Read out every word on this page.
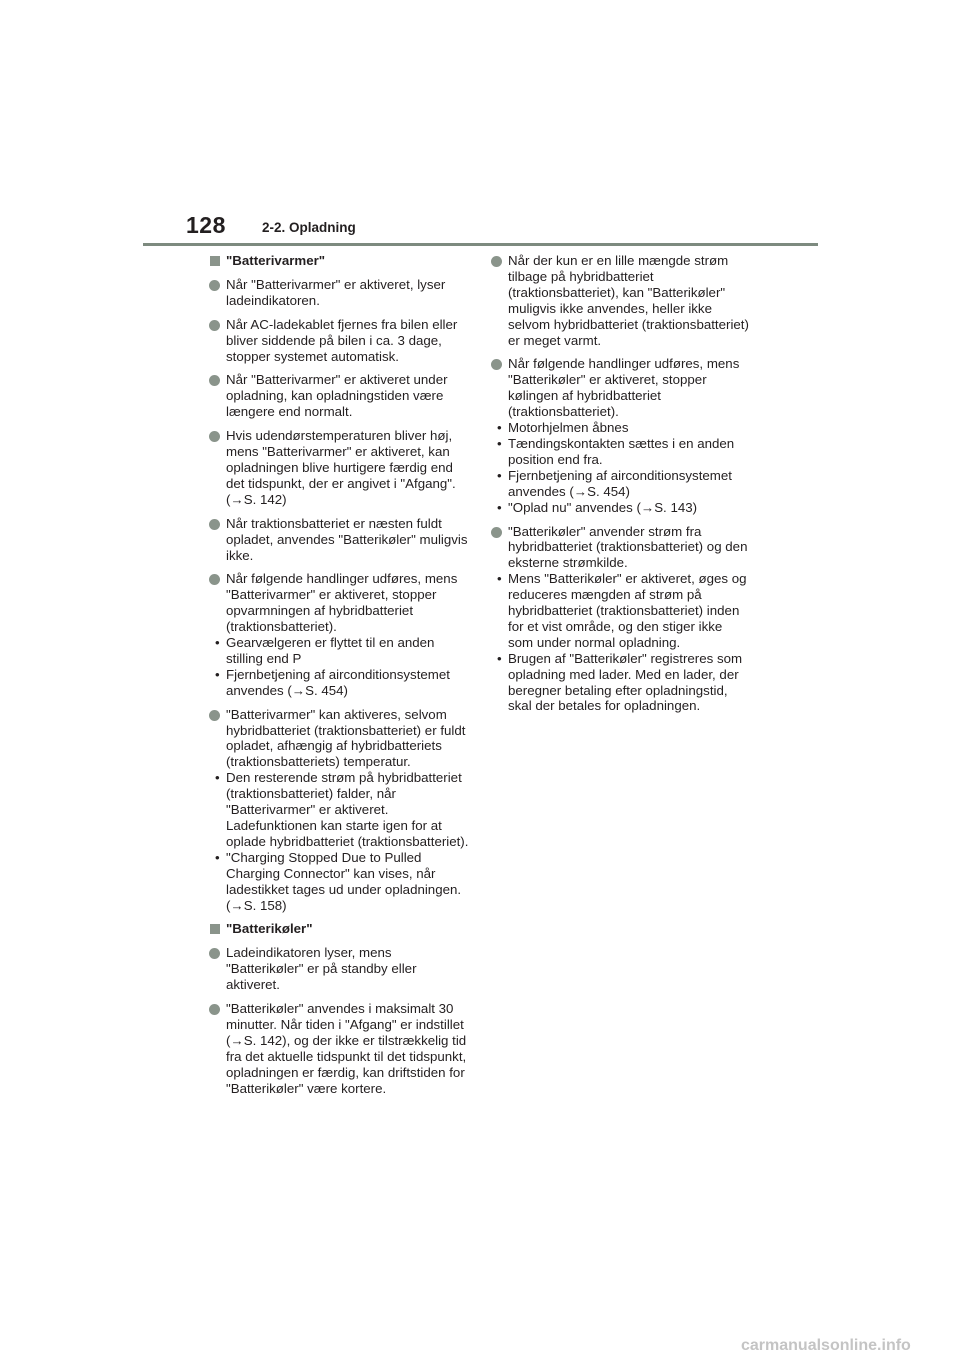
128	2-2. Opladning
"Batterivarmer"
Når "Batterivarmer" er aktiveret, lyser ladeindikatoren.
Når AC-ladekablet fjernes fra bilen eller bliver siddende på bilen i ca. 3 dage, stopper systemet automatisk.
Når "Batterivarmer" er aktiveret under opladning, kan opladningstiden være længere end normalt.
Hvis udendørstemperaturen bliver høj, mens "Batterivarmer" er aktiveret, kan opladningen blive hurtigere færdig end det tidspunkt, der er angivet i "Afgang". (→S. 142)
Når traktionsbatteriet er næsten fuldt opladet, anvendes "Batterikøler" muligvis ikke.
Når følgende handlinger udføres, mens "Batterivarmer" er aktiveret, stopper opvarmningen af hybridbatteriet (traktionsbatteriet).
• Gearvælgeren er flyttet til en anden stilling end P
• Fjernbetjening af airconditionsystemet anvendes (→S. 454)
"Batterivarmer" kan aktiveres, selvom hybridbatteriet (traktionsbatteriet) er fuldt opladet, afhængig af hybridbatteriets (traktionsbatteriets) temperatur.
• Den resterende strøm på hybridbatteriet (traktionsbatteriet) falder, når "Batterivarmer" er aktiveret. Ladefunktionen kan starte igen for at oplade hybridbatteriet (traktionsbatteriet).
• "Charging Stopped Due to Pulled Charging Connector" kan vises, når ladestikket tages ud under opladningen. (→S. 158)
"Batterikøler"
Ladeindikatoren lyser, mens "Batterikøler" er på standby eller aktiveret.
"Batterikøler" anvendes i maksimalt 30 minutter. Når tiden i "Afgang" er indstillet (→S. 142), og der ikke er tilstrækkelig tid fra det aktuelle tidspunkt til det tidspunkt, opladningen er færdig, kan driftstiden for "Batterikøler" være kortere.
Når der kun er en lille mængde strøm tilbage på hybridbatteriet (traktionsbatteriet), kan "Batterikøler" muligvis ikke anvendes, heller ikke selvom hybridbatteriet (traktionsbatteriet) er meget varmt.
Når følgende handlinger udføres, mens "Batterikøler" er aktiveret, stopper kølingen af hybridbatteriet (traktionsbatteriet).
• Motorhjelmen åbnes
• Tændingskontakten sættes i en anden position end fra.
• Fjernbetjening af airconditionsystemet anvendes (→S. 454)
• "Oplad nu" anvendes (→S. 143)
"Batterikøler" anvender strøm fra hybridbatteriet (traktionsbatteriet) og den eksterne strømkilde.
• Mens "Batterikøler" er aktiveret, øges og reduceres mængden af strøm på hybridbatteriet (traktionsbatteriet) inden for et vist område, og den stiger ikke som under normal opladning.
• Brugen af "Batterikøler" registreres som opladning med lader. Med en lader, der beregner betaling efter opladningstid, skal der betales for opladningen.
carmanualsonline.info
